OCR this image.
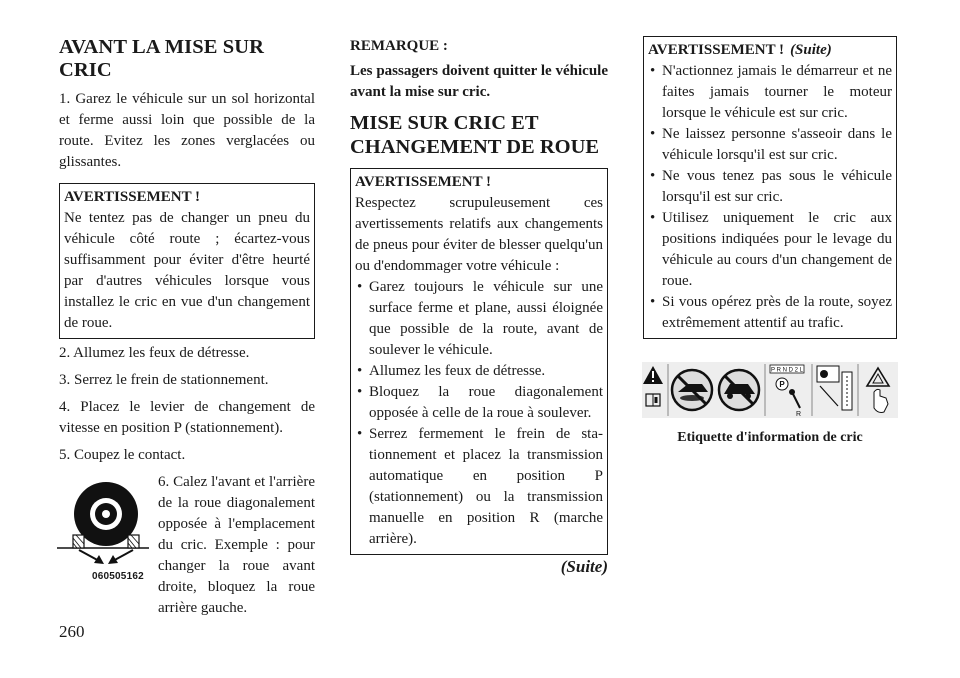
AVANT LA MISE SUR CRIC

1. Garez le véhicule sur un sol horizontal et ferme aussi loin que possible de la route. Evitez les zones verglacées ou glissantes.

AVERTISSEMENT !
Ne tentez pas de changer un pneu du véhicule côté route ; écartez-vous suffisamment pour éviter d'être heurté par d'autres véhicules lorsque vous installez le cric en vue d'un changement de roue.

2. Allumez les feux de détresse.

3. Serrez le frein de stationnement.

4. Placez le levier de changement de vitesse en position P (stationnement).

5. Coupez le contact.

060505162

6. Calez l'avant et l'arrière de la roue diagonalement opposée à l'emplacement du cric. Exemple : pour changer la roue avant droite, bloquez la roue arrière gauche.

REMARQUE :

Les passagers doivent quitter le véhicule avant la mise sur cric.

MISE SUR CRIC ET
CHANGEMENT DE ROUE
AVERTISSEMENT !
Respectez scrupuleusement ces avertissements relatifs aux changements de pneus pour éviter de blesser quelqu'un ou d'endommager votre véhicule :
• Garez toujours le véhicule sur une surface ferme et plane, aussi éloignée que possible de la route, avant de soulever le véhicule.
• Allumez les feux de détresse.
• Bloquez la roue diagonalement opposée à celle de la roue à soulever.
• Serrez fermement le frein de stationnement et placez la transmission automatique en position P (stationnement) ou la transmission manuelle en position R (marche arrière).
(Suite)
AVERTISSEMENT ! (Suite)
• N'actionnez jamais le démarreur et ne faites jamais tourner le moteur lorsque le véhicule est sur cric.
• Ne laissez personne s'asseoir dans le véhicule lorsqu'il est sur cric.
• Ne vous tenez pas sous le véhicule lorsqu'il est sur cric.
• Utilisez uniquement le cric aux positions indiquées pour le levage du véhicule au cours d'un changement de roue.
• Si vous opérez près de la route, soyez extrêmement attentif au trafic.
P R N D 2 L
P
R
Etiquette d'information de cric
260
